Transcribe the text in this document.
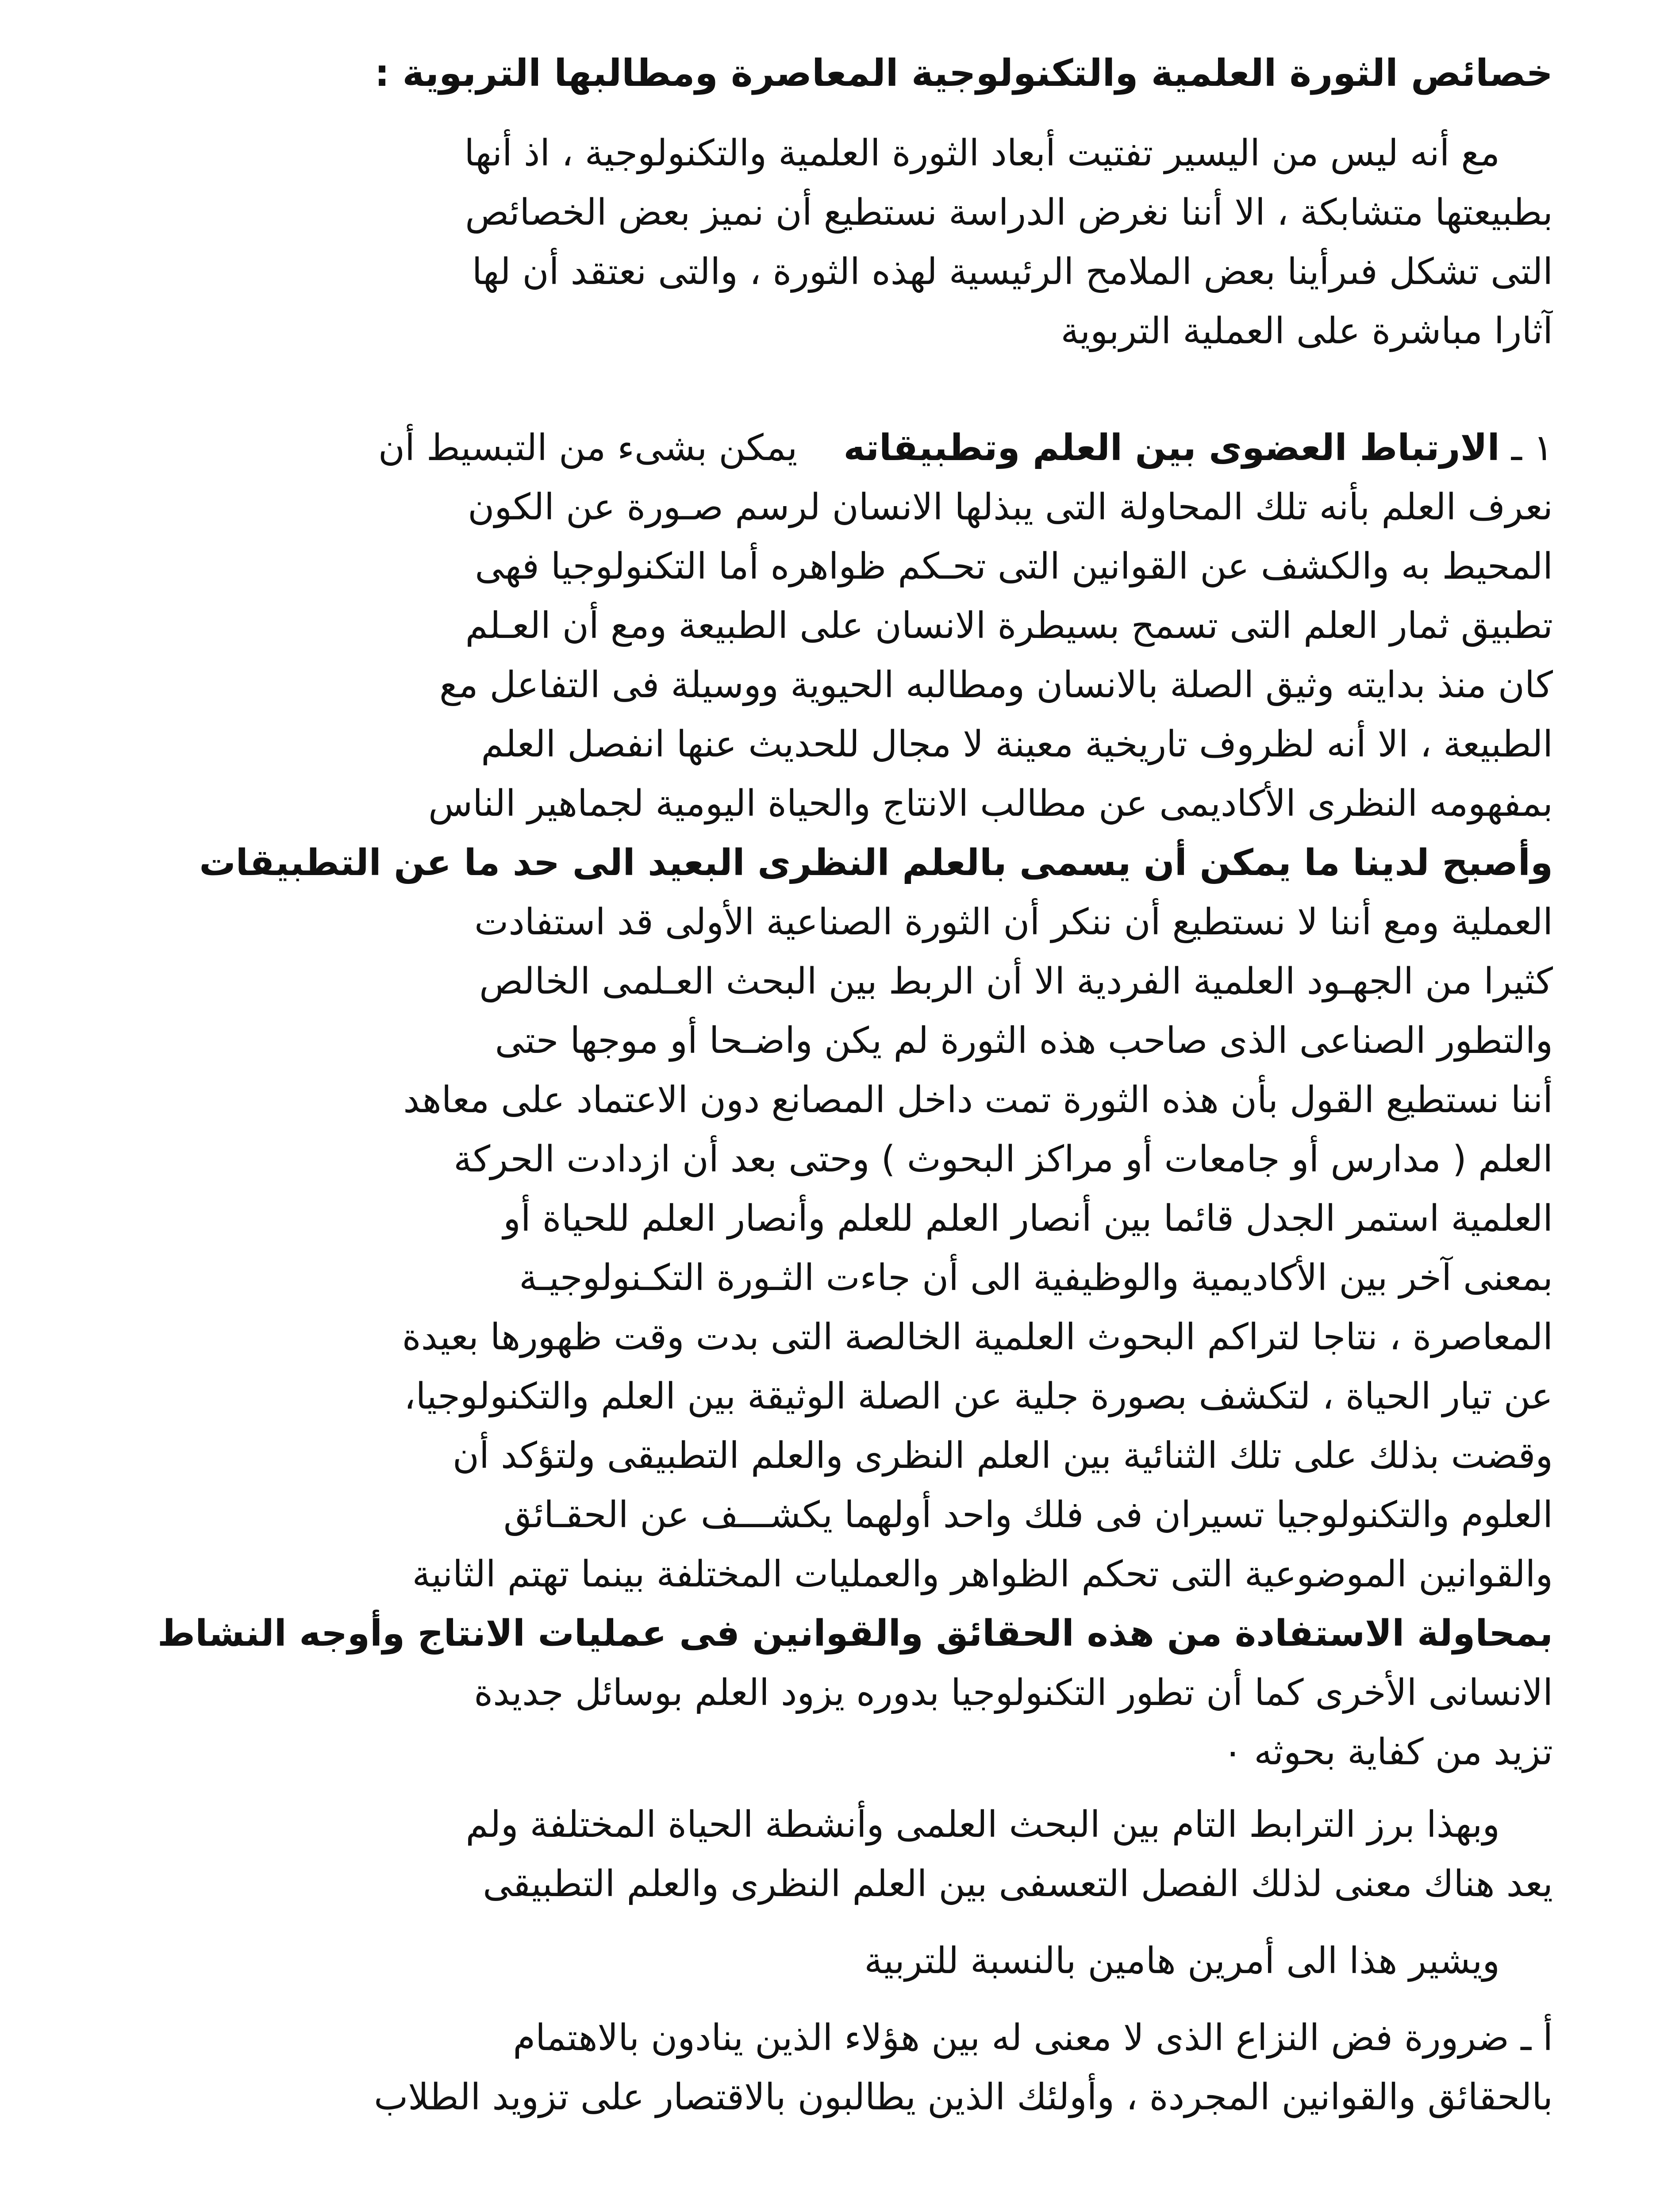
خصائص الثورة العلمية والتكنولوجية المعاصرة ومطالبها التربوية :

مع أنه ليس من اليسير تفتيت أبعاد الثورة العلمية والتكنولوجية ، اذ أنها
بطبيعتها متشابكة ، الا أننا نغرض الدراسة نستطيع أن نميز بعض الخصائص
التى تشكل فىرأينا بعض الملامح الرئيسية لهذه الثورة ، والتى نعتقد أن لها
آثارا مباشرة على العملية التربوية

١ ـ الارتباط العضوى بين العلم وتطبيقاته    يمكن بشىء من التبسيط أن
نعرف العلم بأنه تلك المحاولة التى يبذلها الانسان لرسم صـورة عن الكون
المحيط به والكشف عن القوانين التى تحـكم ظواهره أما التكنولوجيا فهى
تطبيق ثمار العلم التى تسمح بسيطرة الانسان على الطبيعة ومع أن العـلم
كان منذ بدايته وثيق الصلة بالانسان ومطالبه الحيوية ووسيلة فى التفاعل مع
الطبيعة ، الا أنه لظروف تاريخية معينة لا مجال للحديث عنها انفصل العلم
بمفهومه النظرى الأكاديمى عن مطالب الانتاج والحياة اليومية لجماهير الناس
وأصبح لدينا ما يمكن أن يسمى بالعلم النظرى البعيد الى حد ما عن التطبيقات
العملية ومع أننا لا نستطيع أن ننكر أن الثورة الصناعية الأولى قد استفادت
كثيرا من الجهـود العلمية الفردية الا أن الربط بين البحث العـلمى الخالص
والتطور الصناعى الذى صاحب هذه الثورة لم يكن واضـحا أو موجها حتى
أننا نستطيع القول بأن هذه الثورة تمت داخل المصانع دون الاعتماد على معاهد
العلم ( مدارس أو جامعات أو مراكز البحوث ) وحتى بعد أن ازدادت الحركة
العلمية استمر الجدل قائما بين أنصار العلم للعلم وأنصار العلم للحياة أو
بمعنى آخر بين الأكاديمية والوظيفية الى أن جاءت الثـورة التكـنولوجيـة
المعاصرة ، نتاجا لتراكم البحوث العلمية الخالصة التى بدت وقت ظهورها بعيدة
عن تيار الحياة ، لتكشف بصورة جلية عن الصلة الوثيقة بين العلم والتكنولوجيا،
وقضت بذلك على تلك الثنائية بين العلم النظرى والعلم التطبيقى ولتؤكد أن
العلوم والتكنولوجيا تسيران فى فلك واحد أولهما يكشـــف عن الحقـائق
والقوانين الموضوعية التى تحكم الظواهر والعمليات المختلفة بينما تهتم الثانية
بمحاولة الاستفادة من هذه الحقائق والقوانين فى عمليات الانتاج وأوجه النشاط
الانسانى الأخرى كما أن تطور التكنولوجيا بدوره يزود العلم بوسائل جديدة
تزيد من كفاية بحوثه ٠

وبهذا برز الترابط التام بين البحث العلمى وأنشطة الحياة المختلفة ولم
يعد هناك معنى لذلك الفصل التعسفى بين العلم النظرى والعلم التطبيقى

ويشير هذا الى أمرين هامين بالنسبة للتربية

أ ـ ضرورة فض النزاع الذى لا معنى له بين هؤلاء الذين ينادون بالاهتمام
بالحقائق والقوانين المجردة ، وأولئك الذين يطالبون بالاقتصار على تزويد الطلاب
